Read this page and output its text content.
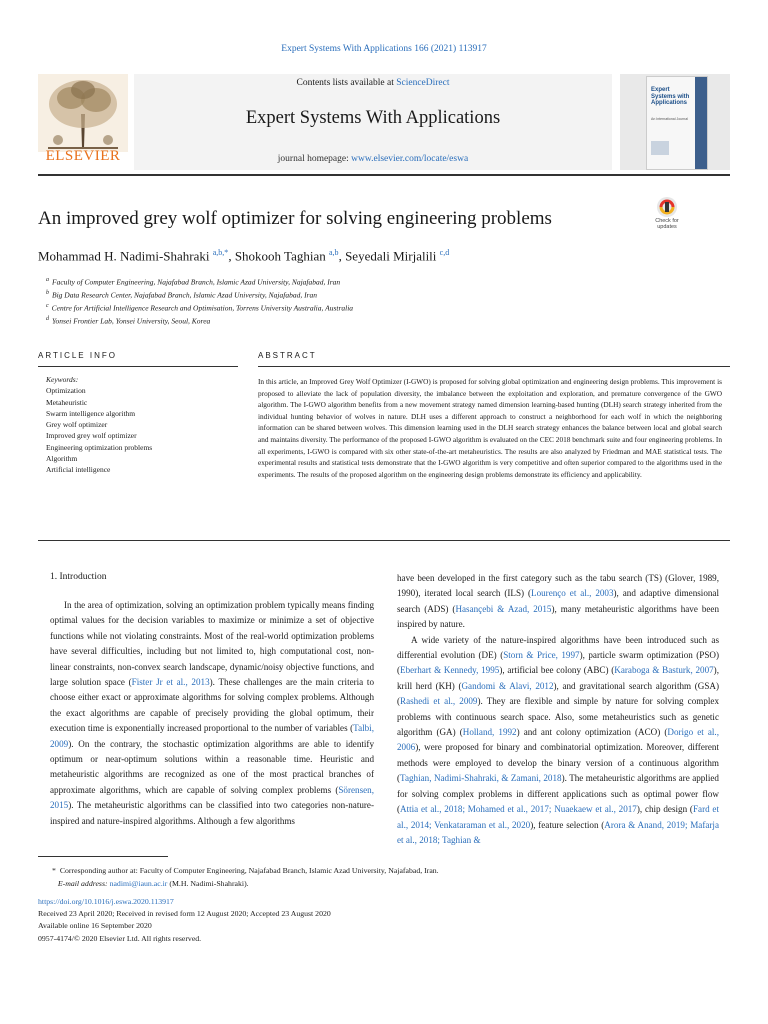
Expert Systems With Applications 166 (2021) 113917
ELSEVIER
Contents lists available at ScienceDirect
Expert Systems With Applications
journal homepage: www.elsevier.com/locate/eswa
Expert Systems with Applications
An International Journal
An improved grey wolf optimizer for solving engineering problems	Check for updates
Mohammad H. Nadimi-Shahraki $^{a,b,*}$, Shokooh Taghian $^{a,b}$, Seyedali Mirjalili $^{c,d}$
$^a$ Faculty of Computer Engineering, Najafabad Branch, Islamic Azad University, Najafabad, Iran
$^b$ Big Data Research Center, Najafabad Branch, Islamic Azad University, Najafabad, Iran
$^c$ Centre for Artificial Intelligence Research and Optimisation, Torrens University Australia, Australia
$^d$ Yonsei Frontier Lab, Yonsei University, Seoul, Korea
ARTICLE INFO	ABSTRACT
Keywords:
Optimization
Metaheuristic
Swarm intelligence algorithm
Grey wolf optimizer
Improved grey wolf optimizer
Engineering optimization problems
Algorithm
Artificial intelligence
In this article, an Improved Grey Wolf Optimizer (I-GWO) is proposed for solving global optimization and engineering design problems. This improvement is proposed to alleviate the lack of population diversity, the imbalance between the exploitation and exploration, and premature convergence of the GWO algorithm. The I-GWO algorithm benefits from a new movement strategy named dimension learning-based hunting (DLH) search strategy inherited from the individual hunting behavior of wolves in nature. DLH uses a different approach to construct a neighborhood for each wolf in which the neighboring information can be shared between wolves. This dimension learning used in the DLH search strategy enhances the balance between local and global search and maintains diversity. The performance of the proposed I-GWO algorithm is evaluated on the CEC 2018 benchmark suite and four engineering problems. In all experiments, I-GWO is compared with six other state-of-the-art metaheuristics. The results are also analyzed by Friedman and MAE statistical tests. The experimental results and statistical tests demonstrate that the I-GWO algorithm is very competitive and often superior compared to the algorithms used in the experiments. The results of the proposed algorithm on the engineering design problems demonstrate its efficiency and applicability.
1. Introduction
In the area of optimization, solving an optimization problem typically means finding optimal values for the decision variables to maximize or minimize a set of objective functions while not violating constraints. Most of the real-world optimization problems have several difficulties, including but not limited to, high computational cost, non-linear constraints, non-convex search landscape, dynamic/noisy objective functions, and large solution space (Fister Jr et al., 2013). These challenges are the main criteria to choose either exact or approximate algorithms for solving complex problems. Although the exact algorithms are capable of precisely providing the global optimum, their execution time is exponentially increased proportional to the number of variables (Talbi, 2009). On the contrary, the stochastic optimization algorithms are able to identify optimum or near-optimum solutions within a reasonable time. Heuristic and metaheuristic algorithms are recognized as one of the most practical branches of approximate algorithms, which are capable of solving complex problems (Sörensen, 2015). The metaheuristic algorithms can be classified into two categories non-nature-inspired and nature-inspired algorithms. Although a few algorithms
have been developed in the first category such as the tabu search (TS) (Glover, 1989, 1990), iterated local search (ILS) (Lourenço et al., 2003), and adaptive dimensional search (ADS) (Hasançebi & Azad, 2015), many metaheuristic algorithms have been inspired by nature.
A wide variety of the nature-inspired algorithms have been introduced such as differential evolution (DE) (Storn & Price, 1997), particle swarm optimization (PSO) (Eberhart & Kennedy, 1995), artificial bee colony (ABC) (Karaboga & Basturk, 2007), krill herd (KH) (Gandomi & Alavi, 2012), and gravitational search algorithm (GSA) (Rashedi et al., 2009). They are flexible and simple by nature for solving complex problems with continuous search space. Also, some metaheuristics such as genetic algorithm (GA) (Holland, 1992) and ant colony optimization (ACO) (Dorigo et al., 2006), were proposed for binary and combinatorial optimization. Moreover, different methods were employed to develop the binary version of a continuous algorithm (Taghian, Nadimi-Shahraki, & Zamani, 2018). The metaheuristic algorithms are applied for solving complex problems in different applications such as optimal power flow (Attia et al., 2018; Mohamed et al., 2017; Nuaekaew et al., 2017), chip design (Fard et al., 2014; Venkataraman et al., 2020), feature selection (Arora & Anand, 2019; Mafarja et al., 2018; Taghian &
* Corresponding author at: Faculty of Computer Engineering, Najafabad Branch, Islamic Azad University, Najafabad, Iran.
E-mail address: nadimi@iaun.ac.ir (M.H. Nadimi-Shahraki).
https://doi.org/10.1016/j.eswa.2020.113917
Received 23 April 2020; Received in revised form 12 August 2020; Accepted 23 August 2020
Available online 16 September 2020
0957-4174/© 2020 Elsevier Ltd. All rights reserved.
